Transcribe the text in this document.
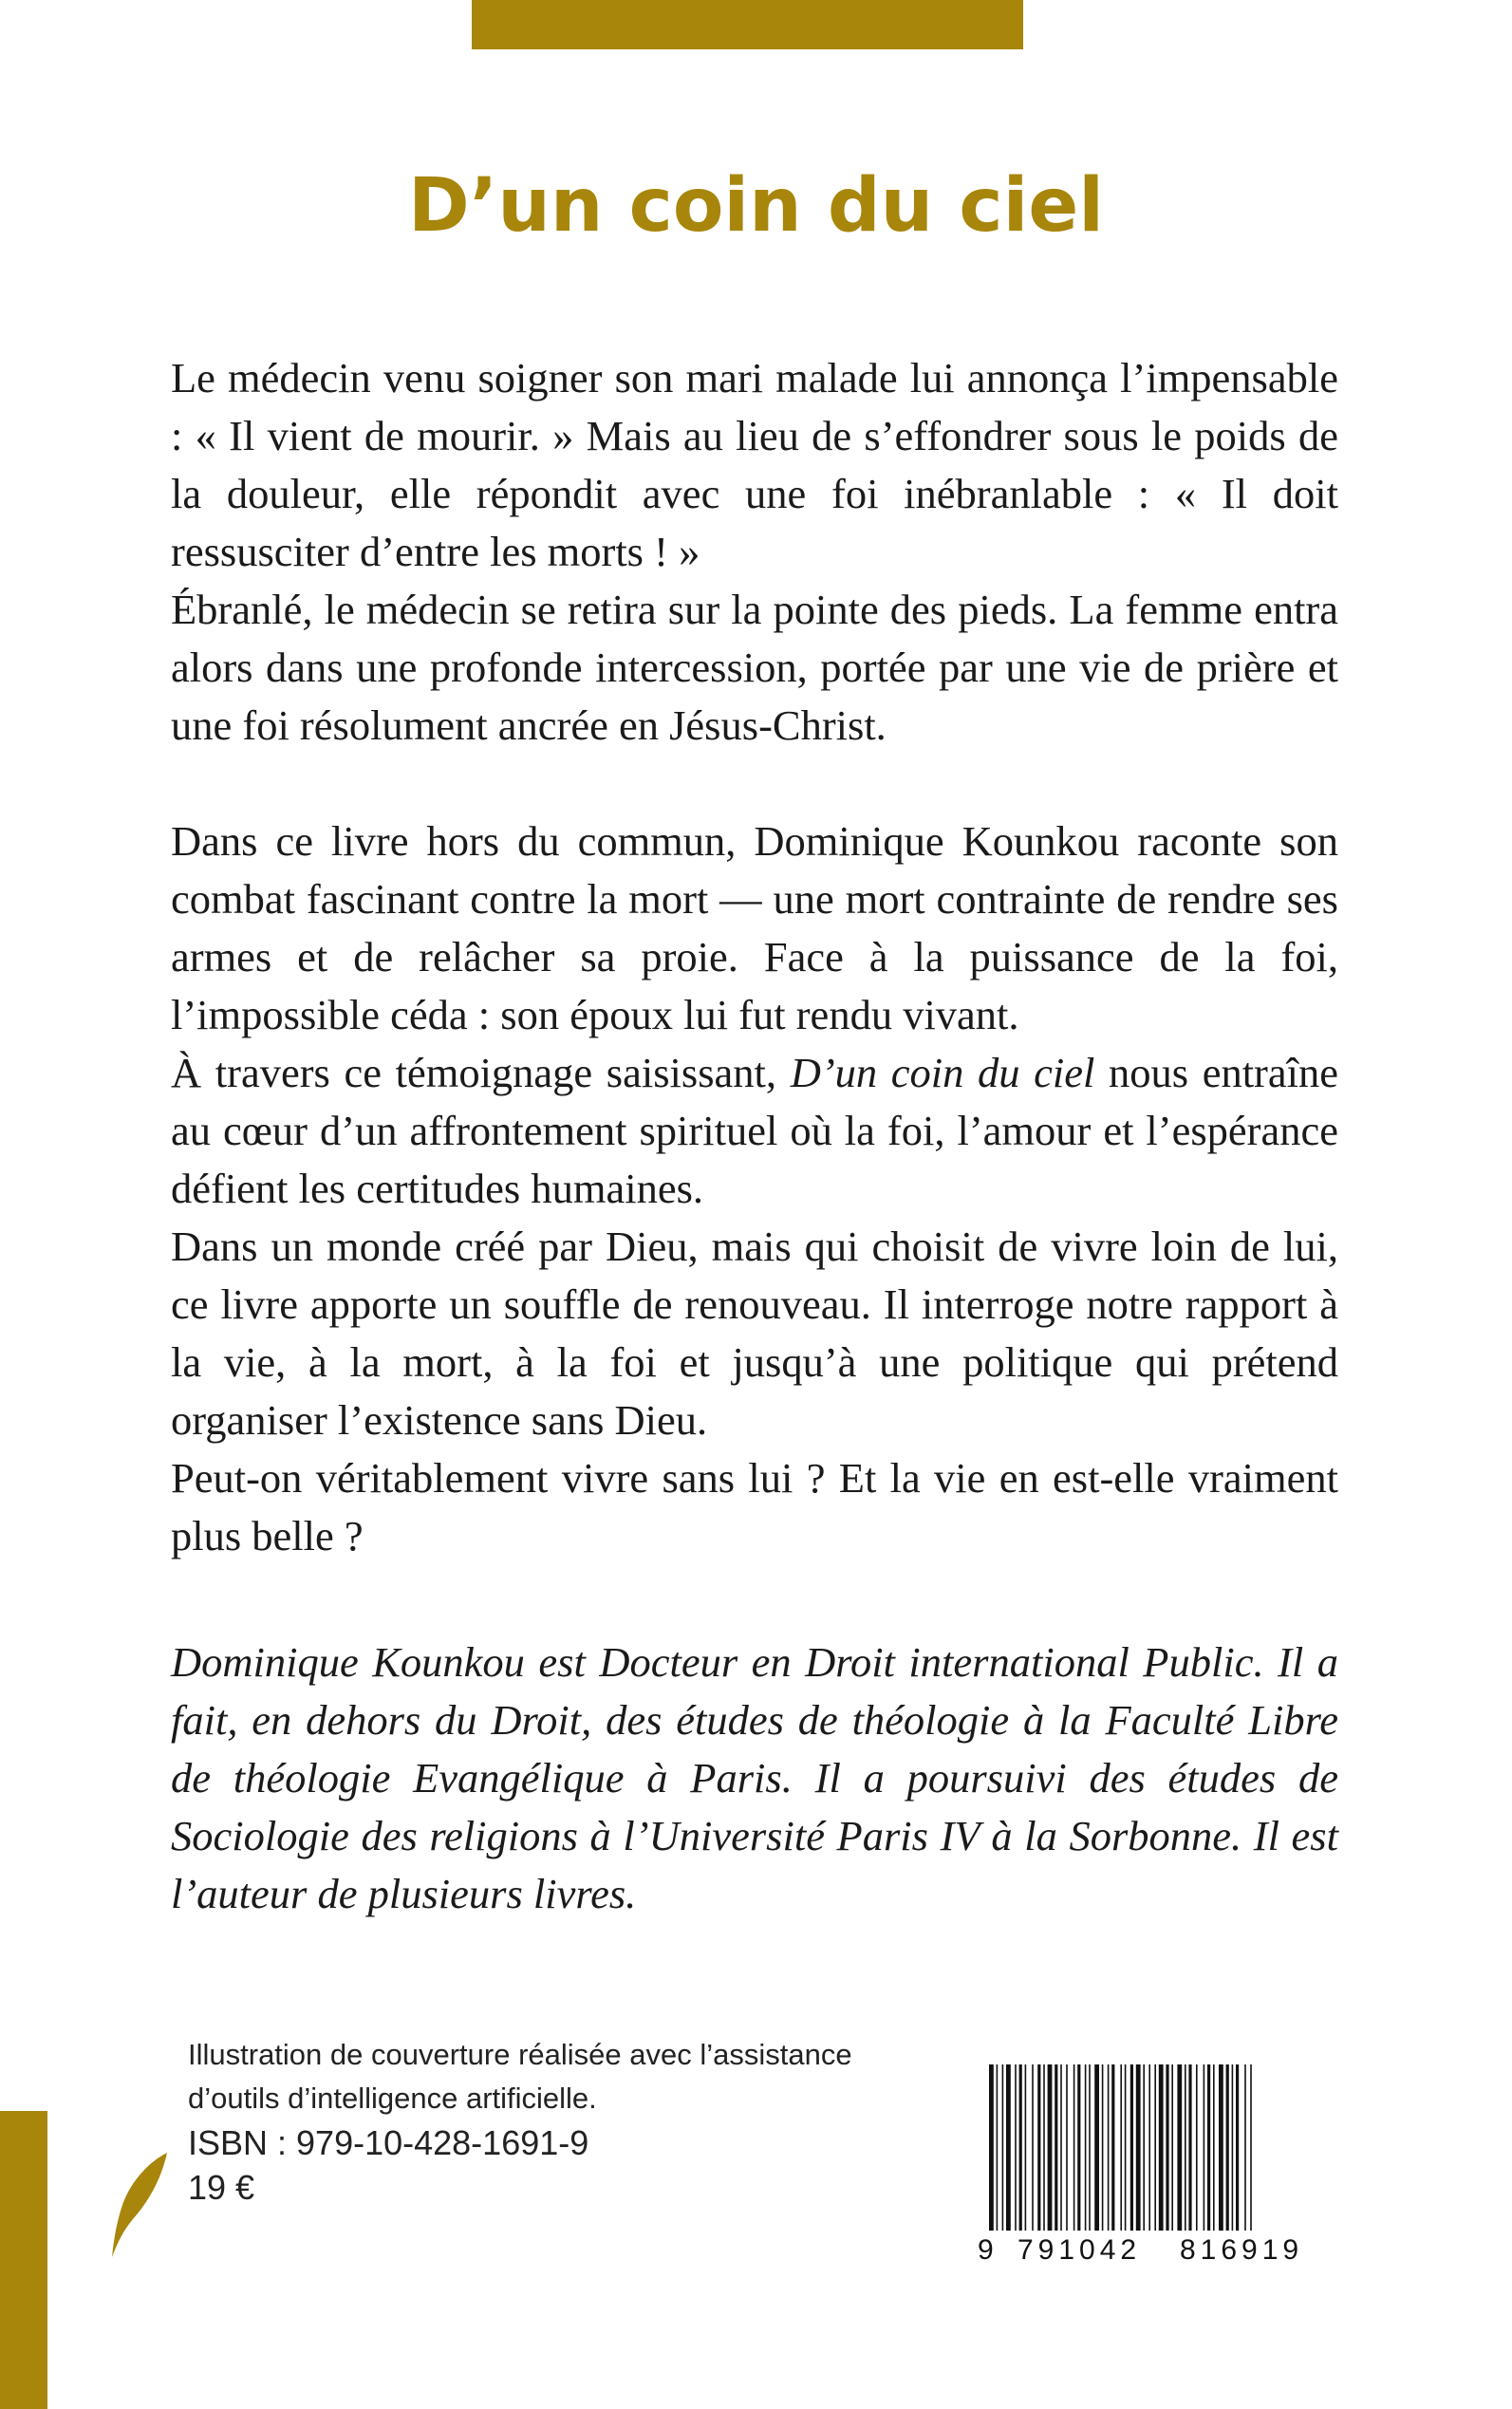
D’un coin du ciel

Le médecin venu soigner son mari malade lui annonça l’impensable : « Il vient de mourir. » Mais au lieu de s’effondrer sous le poids de la douleur, elle répondit avec une foi inébranlable : « Il doit ressusciter d’entre les morts ! »

Ébranlé, le médecin se retira sur la pointe des pieds. La femme entra alors dans une profonde intercession, portée par une vie de prière et une foi résolument ancrée en Jésus-Christ.

Dans ce livre hors du commun, Dominique Kounkou raconte son combat fascinant contre la mort — une mort contrainte de rendre ses armes et de relâcher sa proie. Face à la puissance de la foi, l’impossible céda : son époux lui fut rendu vivant.

À travers ce témoignage saisissant, D’un coin du ciel nous entraîne au cœur d’un affrontement spirituel où la foi, l’amour et l’espérance défient les certitudes humaines.

Dans un monde créé par Dieu, mais qui choisit de vivre loin de lui, ce livre apporte un souffle de renouveau. Il interroge notre rapport à la vie, à la mort, à la foi et jusqu’à une politique qui prétend organiser l’existence sans Dieu.

Peut-on véritablement vivre sans lui ? Et la vie en est-elle vraiment plus belle ?

Dominique Kounkou est Docteur en Droit international Public. Il a fait, en dehors du Droit, des études de théologie à la Faculté Libre de théologie Evangélique à Paris. Il a poursuivi des études de Sociologie des religions à l’Université Paris IV à la Sorbonne. Il est l’auteur de plusieurs livres.
Illustration de couverture réalisée avec l’assistance
d’outils d’intelligence artificielle.
ISBN : 979-10-428-1691-9
19 €
9 791042 816919
